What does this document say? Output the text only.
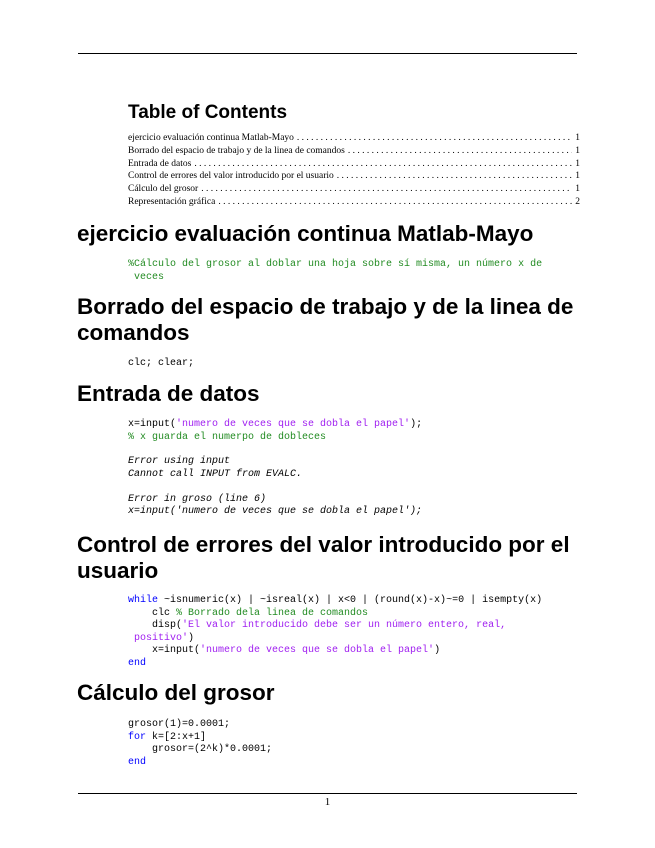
Table of Contents
ejercicio evaluación continua Matlab-Mayo . . .	1
Borrado del espacio de trabajo y de la linea de comandos . . .	1
Entrada de datos . . .	1
Control de errores del valor introducido por el usuario . . .	1
Cálculo del grosor . . .	1
Representación gráfica . . .	2
ejercicio evaluación continua Matlab-Mayo
%Cálculo del grosor al doblar una hoja sobre sí misma, un número x de
veces
Borrado del espacio de trabajo y de la linea de comandos
clc; clear;
Entrada de datos
x=input('numero de veces que se dobla el papel');
% x guarda el numerpo de dobleces
Error using input
Cannot call INPUT from EVALC.

Error in groso (line 6)
x=input('numero de veces que se dobla el papel');
Control de errores del valor introducido por el usuario
while ~isnumeric(x) | ~isreal(x) | x<0 | (round(x)-x)~=0 | isempty(x)
clc % Borrado dela linea de comandos
disp('El valor introducido debe ser un número entero, real,
positivo')
x=input('numero de veces que se dobla el papel')
end
Cálculo del grosor
grosor(1)=0.0001;
for k=[2:x+1]
grosor=(2^k)*0.0001;
end
1
